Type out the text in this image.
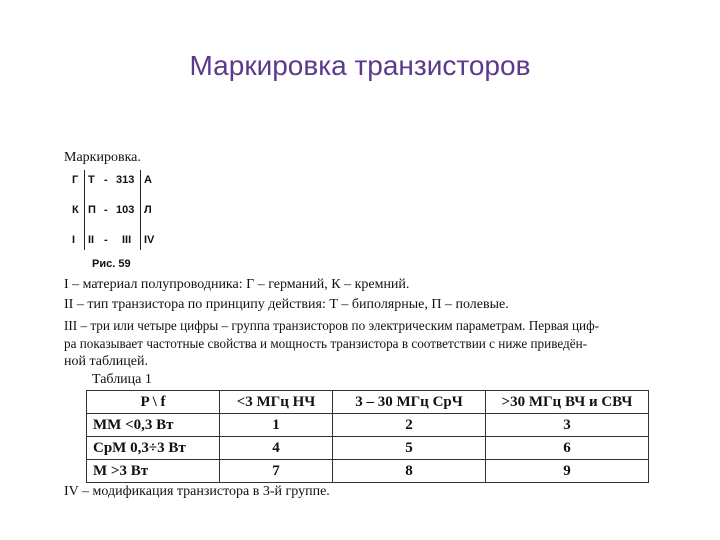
Маркировка транзисторов
Маркировка.
Г Т - 313 А
К П - 103 Л
I II - III IV
Рис. 59
I – материал полупроводника: Г – германий, К – кремний.
II – тип транзистора по принципу действия: Т – биполярные, П – полевые.
III – три или четыре цифры – группа транзисторов по электрическим параметрам. Первая циф-
ра показывает частотные свойства и мощность транзистора в соответствии с ниже приведён-
ной таблицей.
Таблица 1
P \ f	<3 МГц НЧ	3 – 30 МГц СрЧ	>30 МГц ВЧ и СВЧ
ММ <0,3 Вт	1	2	3
СрМ 0,3÷3 Вт	4	5	6
М >3 Вт	7	8	9
IV – модификация транзистора в 3-й группе.
